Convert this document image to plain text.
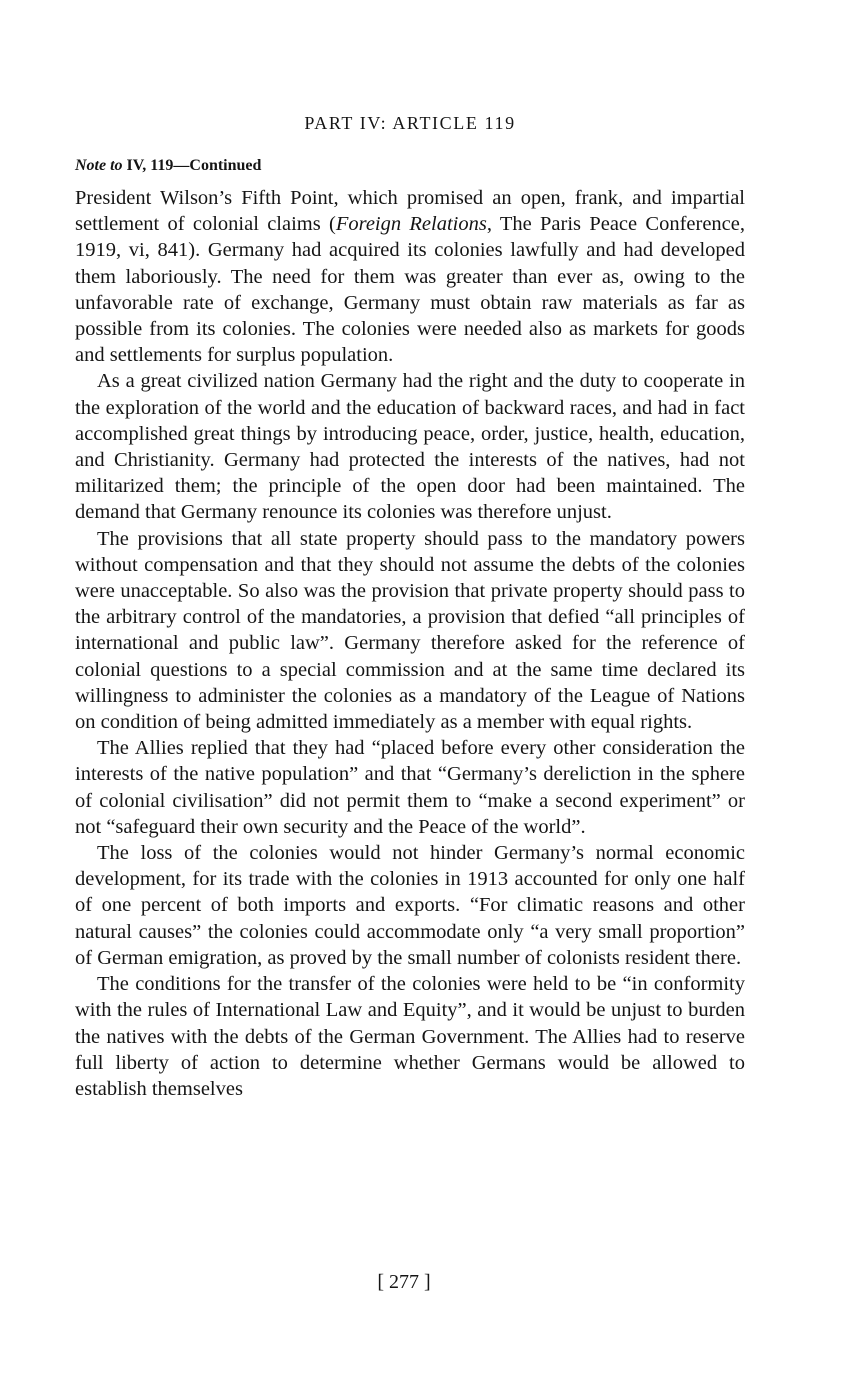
PART IV: ARTICLE 119
Note to IV, 119—Continued

President Wilson’s Fifth Point, which promised an open, frank, and impartial settlement of colonial claims (Foreign Relations, The Paris Peace Conference, 1919, vi, 841). Germany had acquired its colonies lawfully and had developed them laboriously. The need for them was greater than ever as, owing to the unfavorable rate of exchange, Germany must obtain raw materials as far as possible from its colonies. The colonies were needed also as markets for goods and settlements for surplus population.

As a great civilized nation Germany had the right and the duty to cooperate in the exploration of the world and the education of backward races, and had in fact accomplished great things by introducing peace, order, justice, health, education, and Christianity. Germany had protected the interests of the natives, had not militarized them; the principle of the open door had been maintained. The demand that Germany renounce its colonies was therefore unjust.

The provisions that all state property should pass to the mandatory powers without compensation and that they should not assume the debts of the colonies were unacceptable. So also was the provision that private property should pass to the arbitrary control of the mandatories, a provision that defied “all principles of international and public law”. Germany therefore asked for the reference of colonial questions to a special commission and at the same time declared its willingness to administer the colonies as a mandatory of the League of Nations on condition of being admitted immediately as a member with equal rights.

The Allies replied that they had “placed before every other consideration the interests of the native population” and that “Germany’s dereliction in the sphere of colonial civilisation” did not permit them to “make a second experiment” or not “safeguard their own security and the Peace of the world”.

The loss of the colonies would not hinder Germany’s normal economic development, for its trade with the colonies in 1913 accounted for only one half of one percent of both imports and exports. “For climatic reasons and other natural causes” the colonies could accommodate only “a very small proportion” of German emigration, as proved by the small number of colonists resident there.

The conditions for the transfer of the colonies were held to be “in conformity with the rules of International Law and Equity”, and it would be unjust to burden the natives with the debts of the German Government. The Allies had to reserve full liberty of action to determine whether Germans would be allowed to establish themselves

[ 277 ]
